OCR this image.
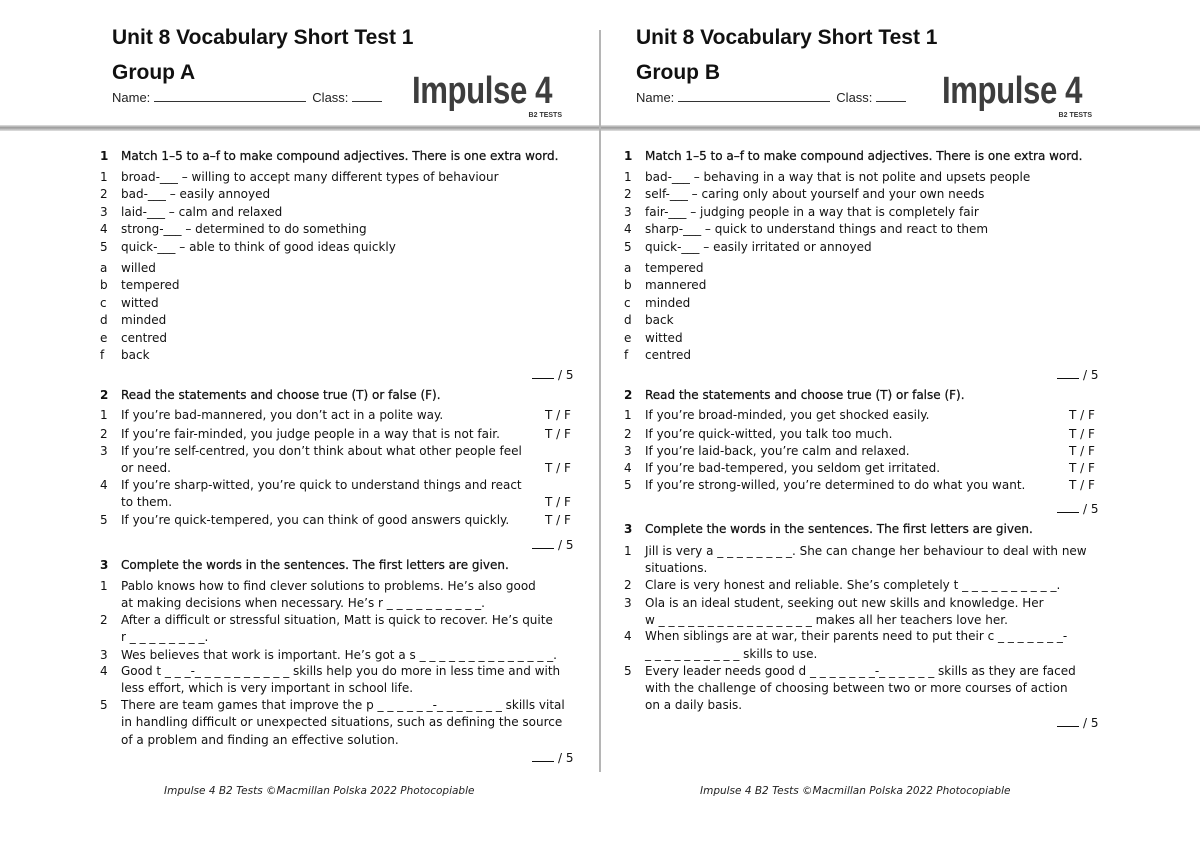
Unit 8 Vocabulary Short Test 1
Group A
Name:	Class:	Impulse 4
B2 TESTS
1 Match 1–5 to a–f to make compound adjectives. There is one extra word.
1 broad-___ – willing to accept many different types of behaviour
2 bad-___ – easily annoyed
3 laid-___ – calm and relaxed
4 strong-___ – determined to do something
5 quick-___ – able to think of good ideas quickly
a willed
b tempered
c witted
d minded
e centred
f back
/ 5
2 Read the statements and choose true (T) or false (F).
1 If you’re bad-mannered, you don’t act in a polite way.	T / F
2 If you’re fair-minded, you judge people in a way that is not fair.	T / F
3 If you’re self-centred, you don’t think about what other people feel
or need.	T / F
4 If you’re sharp-witted, you’re quick to understand things and react
to them.	T / F
5 If you’re quick-tempered, you can think of good answers quickly.	T / F
/ 5
3 Complete the words in the sentences. The first letters are given.
1 Pablo knows how to find clever solutions to problems. He’s also good
at making decisions when necessary. He’s r _ _ _ _ _ _ _ _ _ _.
2 After a difficult or stressful situation, Matt is quick to recover. He’s quite
r _ _ _ _ _ _ _ _.
3 Wes believes that work is important. He’s got a s _ _ _ _ _ _ _ _ _ _ _ _ _ _.
4 Good t _ _ _-_ _ _ _ _ _ _ _ _ _ skills help you do more in less time and with
less effort, which is very important in school life.
5 There are team games that improve the p _ _ _ _ _ _-_ _ _ _ _ _ _ skills vital
in handling difficult or unexpected situations, such as defining the source
of a problem and finding an effective solution.
/ 5
Impulse 4 B2 Tests ©Macmillan Polska 2022 Photocopiable
Unit 8 Vocabulary Short Test 1
Group B
Name:	Class:	Impulse 4
B2 TESTS
1 Match 1–5 to a–f to make compound adjectives. There is one extra word.
1 bad-___ – behaving in a way that is not polite and upsets people
2 self-___ – caring only about yourself and your own needs
3 fair-___ – judging people in a way that is completely fair
4 sharp-___ – quick to understand things and react to them
5 quick-___ – easily irritated or annoyed
a tempered
b mannered
c minded
d back
e witted
f centred
/ 5
2 Read the statements and choose true (T) or false (F).
1 If you’re broad-minded, you get shocked easily.	T / F
2 If you’re quick-witted, you talk too much.	T / F
3 If you’re laid-back, you’re calm and relaxed.	T / F
4 If you’re bad-tempered, you seldom get irritated.	T / F
5 If you’re strong-willed, you’re determined to do what you want.	T / F
/ 5
3 Complete the words in the sentences. The first letters are given.
1 Jill is very a _ _ _ _ _ _ _ _. She can change her behaviour to deal with new
situations.
2 Clare is very honest and reliable. She’s completely t _ _ _ _ _ _ _ _ _ _.
3 Ola is an ideal student, seeking out new skills and knowledge. Her
w _ _ _ _ _ _ _ _ _ _ _ _ _ _ _ _ makes all her teachers love her.
4 When siblings are at war, their parents need to put their c _ _ _ _ _ _ _-
_ _ _ _ _ _ _ _ _ _ skills to use.
5 Every leader needs good d _ _ _ _ _ _ _-_ _ _ _ _ _ skills as they are faced
with the challenge of choosing between two or more courses of action
on a daily basis.
/ 5
Impulse 4 B2 Tests ©Macmillan Polska 2022 Photocopiable
